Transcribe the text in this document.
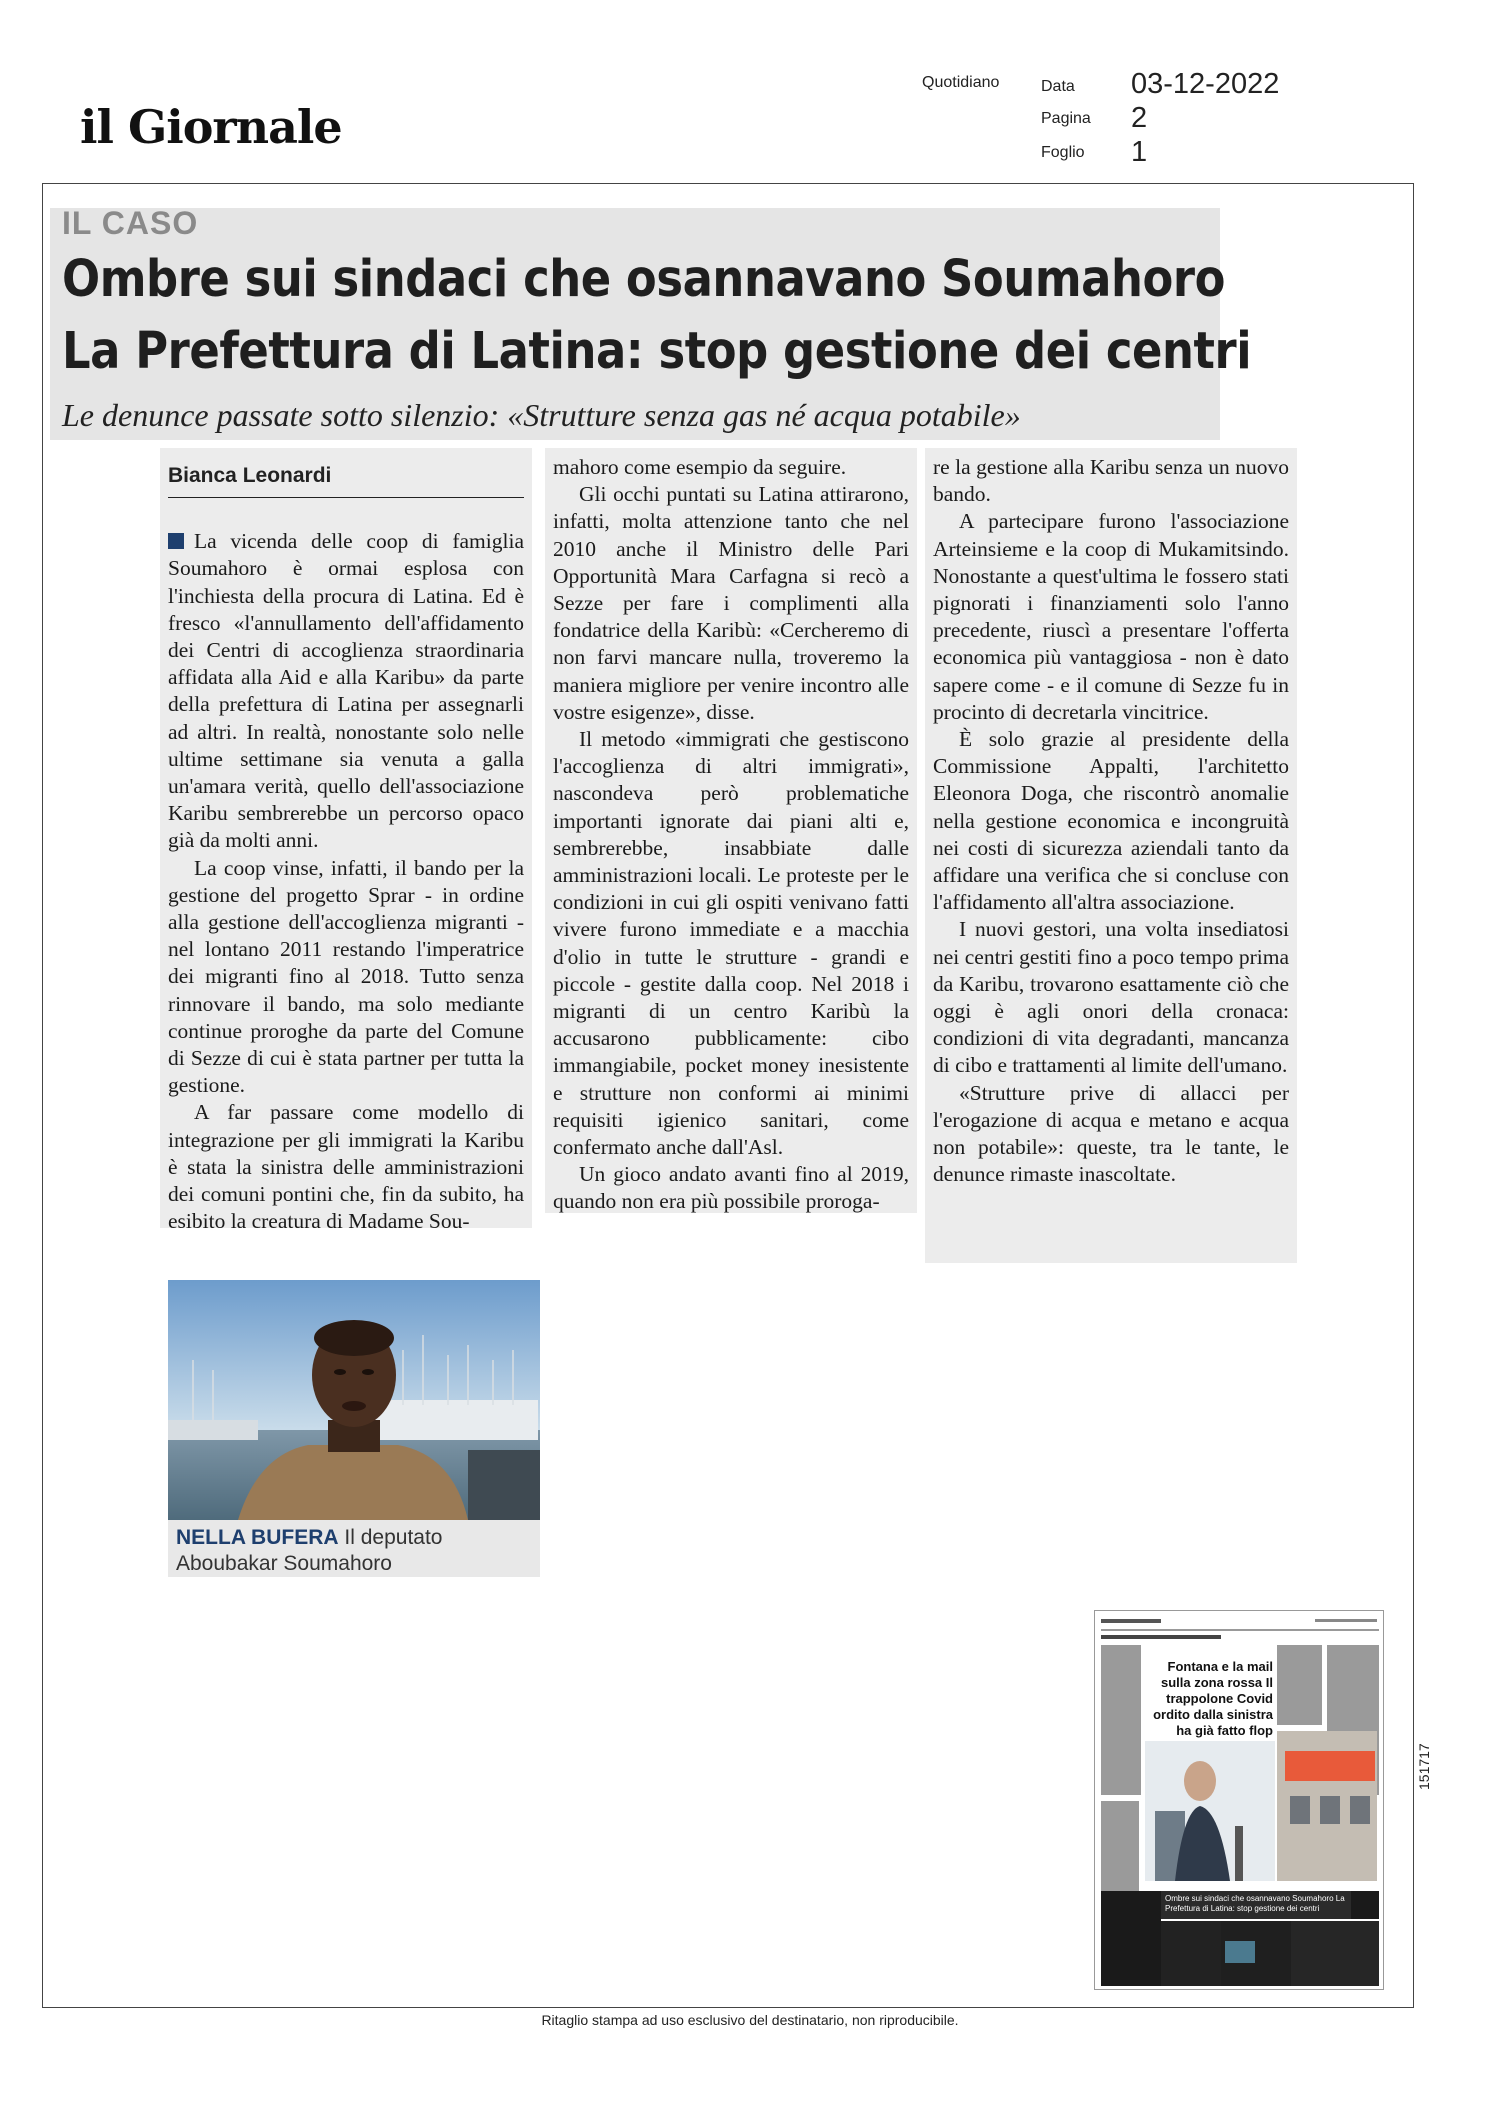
il Giornale
Quotidiano	Data 03-12-2022
Pagina 2
Foglio 1
IL CASO
Ombre sui sindaci che osannavano Soumahoro
La Prefettura di Latina: stop gestione dei centri
Le denunce passate sotto silenzio: «Strutture senza gas né acqua potabile»
Bianca Leonardi

La vicenda delle coop di famiglia Soumahoro è ormai esplosa con l'inchiesta della procura di Latina. Ed è fresco «l'annullamento dell'affidamento dei Centri di accoglienza straordinaria affidata alla Aid e alla Karibu» da parte della prefettura di Latina per assegnarli ad altri. In realtà, nonostante solo nelle ultime settimane sia venuta a galla un'amara verità, quello dell'associazione Karibu sembrerebbe un percorso opaco già da molti anni.

La coop vinse, infatti, il bando per la gestione del progetto Sprar - in ordine alla gestione dell'accoglienza migranti - nel lontano 2011 restando l'imperatrice dei migranti fino al 2018. Tutto senza rinnovare il bando, ma solo mediante continue proroghe da parte del Comune di Sezze di cui è stata partner per tutta la gestione.

A far passare come modello di integrazione per gli immigrati la Karibu è stata la sinistra delle amministrazioni dei comuni pontini che, fin da subito, ha esibito la creatura di Madame Sou-

mahoro come esempio da seguire.

Gli occhi puntati su Latina attirarono, infatti, molta attenzione tanto che nel 2010 anche il Ministro delle Pari Opportunità Mara Carfagna si recò a Sezze per fare i complimenti alla fondatrice della Karibù: «Cercheremo di non farvi mancare nulla, troveremo la maniera migliore per venire incontro alle vostre esigenze», disse.

Il metodo «immigrati che gestiscono l'accoglienza di altri immigrati», nascondeva però problematiche importanti ignorate dai piani alti e, sembrerebbe, insabbiate dalle amministrazioni locali. Le proteste per le condizioni in cui gli ospiti venivano fatti vivere furono immediate e a macchia d'olio in tutte le strutture - grandi e piccole - gestite dalla coop. Nel 2018 i migranti di un centro Karibù la accusarono pubblicamente: cibo immangiabile, pocket money inesistente e strutture non conformi ai minimi requisiti igienico sanitari, come confermato anche dall'Asl.

Un gioco andato avanti fino al 2019, quando non era più possibile proroga-

re la gestione alla Karibu senza un nuovo bando.

A partecipare furono l'associazione Arteinsieme e la coop di Mukamitsindo. Nonostante a quest'ultima le fossero stati pignorati i finanziamenti solo l'anno precedente, riuscì a presentare l'offerta economica più vantaggiosa - non è dato sapere come - e il comune di Sezze fu in procinto di decretarla vincitrice.

È solo grazie al presidente della Commissione Appalti, l'architetto Eleonora Doga, che riscontrò anomalie nella gestione economica e incongruità nei costi di sicurezza aziendali tanto da affidare una verifica che si concluse con l'affidamento all'altra associazione.

I nuovi gestori, una volta insediatosi nei centri gestiti fino a poco tempo prima da Karibu, trovarono esattamente ciò che oggi è agli onori della cronaca: condizioni di vita degradanti, mancanza di cibo e trattamenti al limite dell'umano.

«Strutture prive di allacci per l'erogazione di acqua e metano e acqua non potabile»: queste, tra le tante, le denunce rimaste inascoltate.

NELLA BUFERA Il deputato Aboubakar Soumahoro
Fontana e la mail sulla zona rossa Il trappolone Covid ordito dalla sinistra ha già fatto flop
Ombre sui sindaci che osannavano Soumahoro La Prefettura di Latina: stop gestione dei centri
151717
Ritaglio stampa ad uso esclusivo del destinatario, non riproducibile.
